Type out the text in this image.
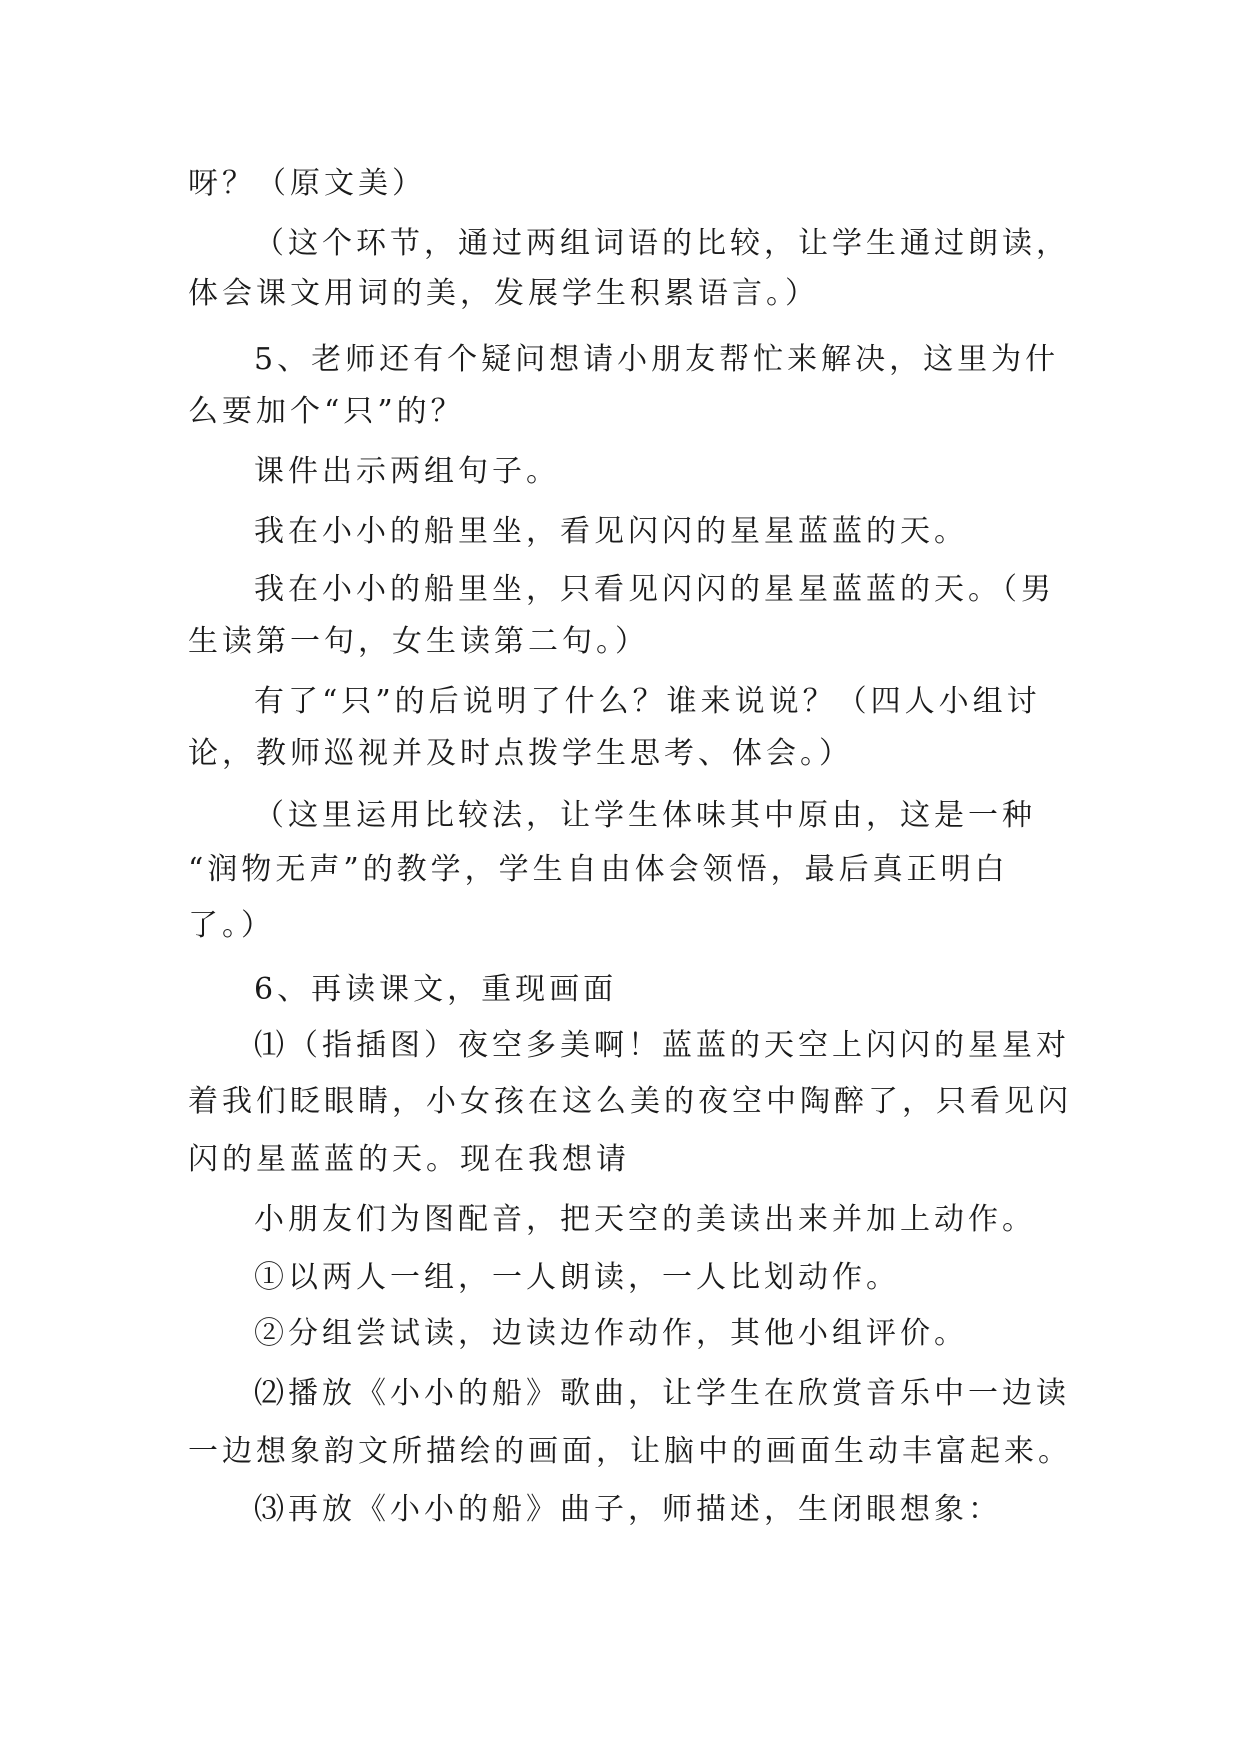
呀？（原文美）
（这个环节，通过两组词语的比较，让学生通过朗读，
体会课文用词的美，发展学生积累语言。）
5、老师还有个疑问想请小朋友帮忙来解决，这里为什
么要加个“只”的？
课件出示两组句子。
我在小小的船里坐，看见闪闪的星星蓝蓝的天。
我在小小的船里坐，只看见闪闪的星星蓝蓝的天。（男
生读第一句，女生读第二句。）
有了“只”的后说明了什么？谁来说说？（四人小组讨
论，教师巡视并及时点拨学生思考、体会。）
（这里运用比较法，让学生体味其中原由，这是一种
“润物无声”的教学，学生自由体会领悟，最后真正明白
了。）
6、再读课文，重现画面
⑴（指插图）夜空多美啊！蓝蓝的天空上闪闪的星星对
着我们眨眼睛，小女孩在这么美的夜空中陶醉了，只看见闪
闪的星蓝蓝的天。现在我想请
小朋友们为图配音，把天空的美读出来并加上动作。
①以两人一组，一人朗读，一人比划动作。
②分组尝试读，边读边作动作，其他小组评价。
⑵播放《小小的船》歌曲，让学生在欣赏音乐中一边读
一边想象韵文所描绘的画面，让脑中的画面生动丰富起来。
⑶再放《小小的船》曲子，师描述，生闭眼想象：
